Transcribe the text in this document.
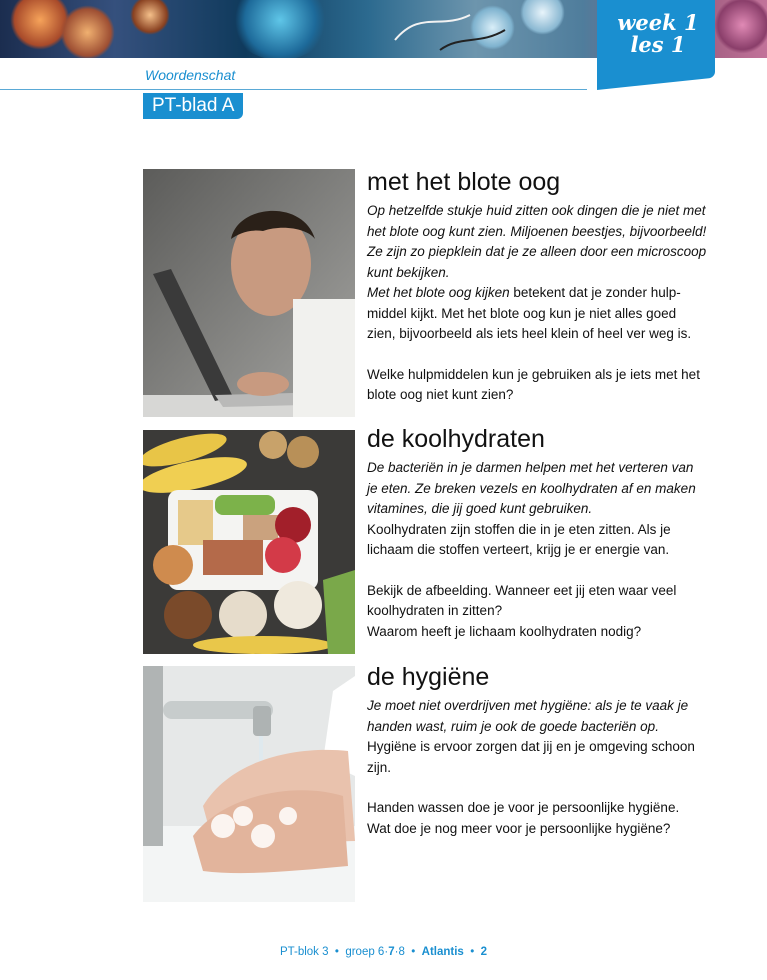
week 1
les 1
Woordenschat
PT-blad A
met het blote oog
Op hetzelfde stukje huid zitten ook dingen die je niet met
het blote oog kunt zien. Miljoenen beestjes, bijvoorbeeld!
Ze zijn zo piepklein dat je ze alleen door een microscoop
kunt bekijken.
Met het blote oog kijken betekent dat je zonder hulp-
middel kijkt. Met het blote oog kun je niet alles goed
zien, bijvoorbeeld als iets heel klein of heel ver weg is.
Welke hulpmiddelen kun je gebruiken als je iets met het
blote oog niet kunt zien?
de koolhydraten
De bacteriën in je darmen helpen met het verteren van
je eten. Ze breken vezels en koolhydraten af en maken
vitamines, die jij goed kunt gebruiken.
Koolhydraten zijn stoffen die in je eten zitten. Als je
lichaam die stoffen verteert, krijg je er energie van.
Bekijk de afbeelding. Wanneer eet jij eten waar veel
koolhydraten in zitten?
Waarom heeft je lichaam koolhydraten nodig?
de hygiëne
Je moet niet overdrijven met hygiëne: als je te vaak je
handen wast, ruim je ook de goede bacteriën op.
Hygiëne is ervoor zorgen dat jij en je omgeving schoon
zijn.
Handen wassen doe je voor je persoonlijke hygiëne.
Wat doe je nog meer voor je persoonlijke hygiëne?
PT-blok 3 • groep 6·7·8 • Atlantis • 2
